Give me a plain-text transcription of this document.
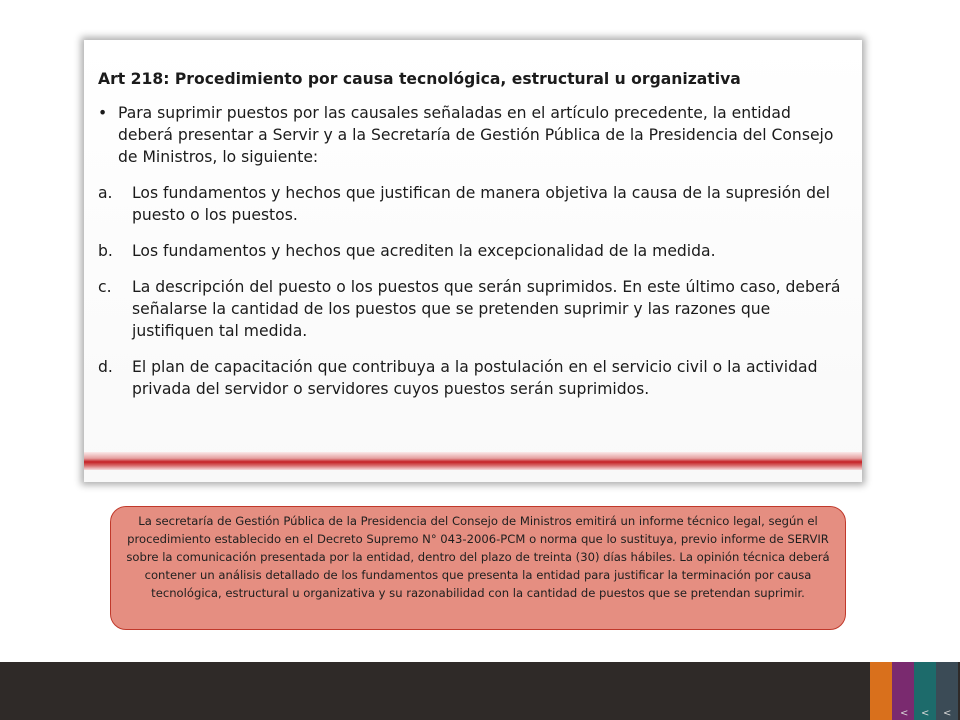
Art 218: Procedimiento por causa tecnológica, estructural u organizativa

• Para suprimir puestos por las causales señaladas en el artículo precedente, la entidad deberá presentar a Servir y a la Secretaría de Gestión Pública de la Presidencia del Consejo de Ministros, lo siguiente:
a. Los fundamentos y hechos que justifican de manera objetiva la causa de la supresión del puesto o los puestos.
b. Los fundamentos y hechos que acrediten la excepcionalidad de la medida.
c. La descripción del puesto o los puestos que serán suprimidos. En este último caso, deberá señalarse la cantidad de los puestos que se pretenden suprimir y las razones que justifiquen tal medida.
d. El plan de capacitación que contribuya a la postulación en el servicio civil o la actividad privada del servidor o servidores cuyos puestos serán suprimidos.
La secretaría de Gestión Pública de la Presidencia del Consejo de Ministros emitirá un informe técnico legal, según el procedimiento establecido en el Decreto Supremo N° 043-2006-PCM o norma que lo sustituya, previo informe de SERVIR sobre la comunicación presentada por la entidad, dentro del plazo de treinta (30) días hábiles. La opinión técnica deberá contener un análisis detallado de los fundamentos que presenta la entidad para justificar la terminación por causa tecnológica, estructural u organizativa y su razonabilidad con la cantidad de puestos que se pretendan suprimir.
< < <
